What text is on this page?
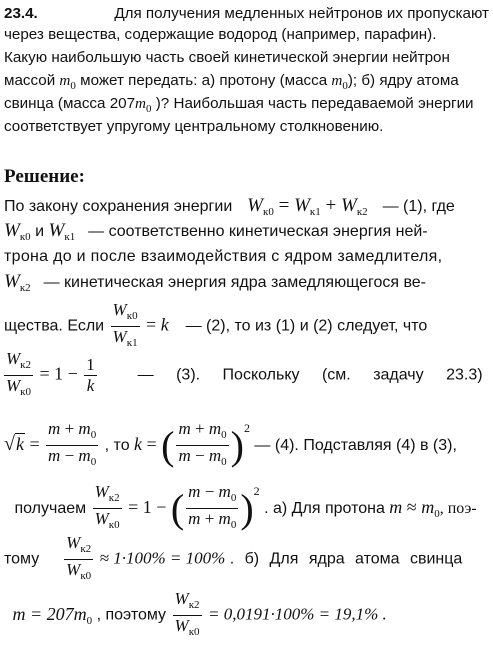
23.4.	Для получения медленных нейтронов их пропускают
через вещества, содержащие водород (например, парафин).
Какую наибольшую часть своей кинетической энергии нейтрон
массой $m_0$ может передать: а) протону (масса $m_0$); б) ядру атома
свинца (масса $207m_0$ )? Наибольшая часть передаваемой энергии
соответствует упругому центральному столкновению.
Решение:
По закону сохранения энергии $W_{к0} = W_{к1} + W_{к2}$ — (1), где
$W_{к0}$ и $W_{к1}$ — соответственно кинетическая энергия ней-
трона до и после взаимодействия с ядром замедлителя,
$W_{к2}$ — кинетическая энергия ядра замедляющегося ве-
щества. Если $\frac{W_{к0}}{W_{к1}} = k$ — (2), то из (1) и (2) следует, что
$\frac{W_{к2}}{W_{к0}} = 1 - \frac{1}{k}$	— (3). Поскольку (см. задачу 23.3)
$√k = \frac{m + m_0}{m - m_0}$ , то k = ( $\frac{m + m_0}{m - m_0} )^2$ — (4). Подставляя (4) в (3),
получаем $\frac{W_{к2}}{W_{к0}} = 1$ − ( $\frac{m - m_0}{m + m_0} )^2$ . а) Для протона $m \approx m_0$, поэ-
тому $\frac{W_{к2}}{W_{к0}} \approx 1\cdot 100\% = 100\%$ . б) Для ядра атома свинца
$m = 207m_0$ , поэтому $\frac{W_{к2}}{W_{к0}} = 0,0191\cdot 100\% = 19,1\%$ .
